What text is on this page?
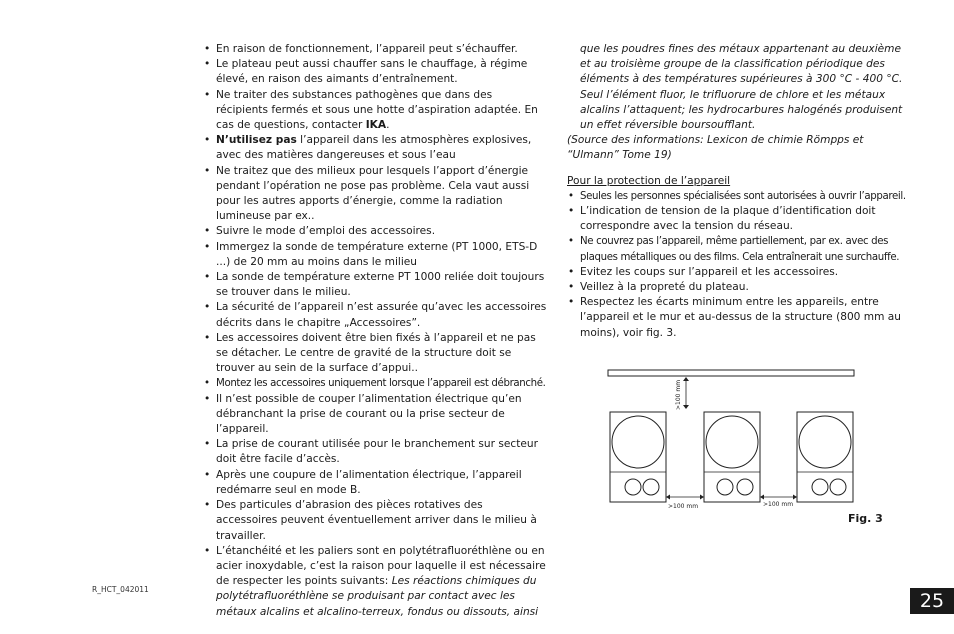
• En raison de fonctionnement, l’appareil peut s’échauffer.
• Le plateau peut aussi chauffer sans le chauffage, à régime élevé, en raison des aimants d’entraînement.
• Ne traiter des substances pathogènes que dans des récipients fermés et sous une hotte d’aspiration adaptée. En cas de questions, contacter IKA.
• N’utilisez pas l’appareil dans les atmosphères explosives, avec des matières dangereuses et sous l’eau
• Ne traitez que des milieux pour lesquels l’apport d’énergie pendant l’opération ne pose pas problème. Cela vaut aussi pour les autres apports d’énergie, comme la radiation lumineuse par ex..
• Suivre le mode d’emploi des accessoires.
• Immergez la sonde de température externe (PT 1000, ETS-D ...) de 20 mm au moins dans le milieu
• La sonde de température externe PT 1000 reliée doit toujours se trouver dans le milieu.
• La sécurité de l’appareil n’est assurée qu’avec les accessoires décrits dans le chapitre „Accessoires”.
• Les accessoires doivent être bien fixés à l’appareil et ne pas se détacher. Le centre de gravité de la structure doit se trouver au sein de la surface d’appui..
• Montez les accessoires uniquement lorsque l’appareil est débranché.
• Il n’est possible de couper l’alimentation électrique qu’en débranchant la prise de courant ou la prise secteur de l’appareil.
• La prise de courant utilisée pour le branchement sur secteur doit être facile d’accès.
• Après une coupure de l’alimentation électrique, l’appareil redémarre seul en mode B.
• Des particules d’abrasion des pièces rotatives des accessoires peuvent éventuellement arriver dans le milieu à travailler.
• L’étanchéité et les paliers sont en polytétrafluoréthlène ou en acier inoxydable, c’est la raison pour laquelle il est nécessaire de respecter les points suivants: Les réactions chimiques du polytétrafluoréthlène se produisant par contact avec les métaux alcalins et alcalino-terreux, fondus ou dissouts, ainsi
que les poudres fines des métaux appartenant au deuxième et au troisième groupe de la classification périodique des éléments à des températures supérieures à 300 °C - 400 °C. Seul l’élément fluor, le trifluorure de chlore et les métaux alcalins l’attaquent; les hydrocarbures halogénés produisent un effet réversible boursoufflant.
(Source des informations: Lexicon de chimie Römpps et “Ulmann” Tome 19)
Pour la protection de l’appareil
• Seules les personnes spécialisées sont autorisées à ouvrir l’appareil.
• L’indication de tension de la plaque d’identification doit correspondre avec la tension du réseau.
• Ne couvrez pas l’appareil, même partiellement, par ex. avec des plaques métalliques ou des films. Cela entraînerait une surchauffe.
• Evitez les coups sur l’appareil et les accessoires.
• Veillez à la propreté du plateau.
• Respectez les écarts minimum entre les appareils, entre l’appareil et le mur et au-dessus de la structure (800 mm au moins), voir fig. 3.
>100 mm
>100 mm	>100 mm
Fig. 3
R_HCT_042011
25
